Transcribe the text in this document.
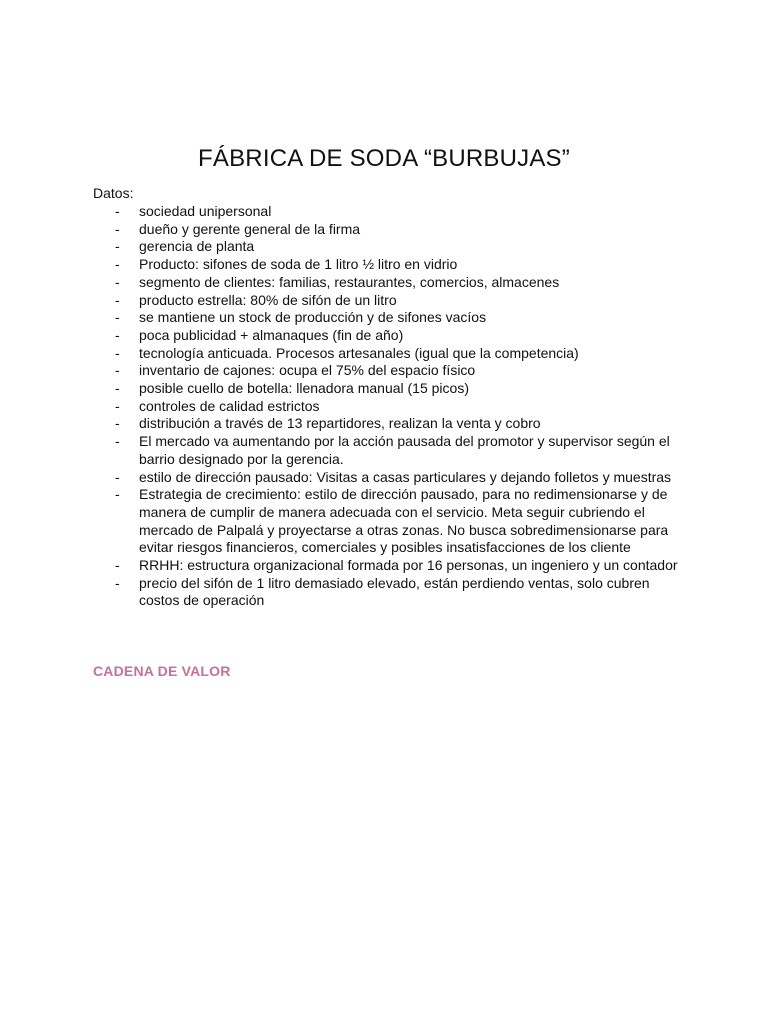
FÁBRICA DE SODA “BURBUJAS”

Datos:

- sociedad unipersonal
- dueño y gerente general de la firma
- gerencia de planta
- Producto: sifones de soda de 1 litro ½ litro en vidrio
- segmento de clientes: familias, restaurantes, comercios, almacenes
- producto estrella: 80% de sifón de un litro
- se mantiene un stock de producción y de sifones vacíos
- poca publicidad + almanaques (fin de año)
- tecnología anticuada. Procesos artesanales (igual que la competencia)
- inventario de cajones: ocupa el 75% del espacio físico
- posible cuello de botella: llenadora manual (15 picos)
- controles de calidad estrictos
- distribución a través de 13 repartidores, realizan la venta y cobro
- El mercado va aumentando por la acción pausada del promotor y supervisor según el barrio designado por la gerencia.
- estilo de dirección pausado: Visitas a casas particulares y dejando folletos y muestras
- Estrategia de crecimiento: estilo de dirección pausado, para no redimensionarse y de manera de cumplir de manera adecuada con el servicio. Meta seguir cubriendo el mercado de Palpalá y proyectarse a otras zonas. No busca sobredimensionarse para evitar riesgos financieros, comerciales y posibles insatisfacciones de los cliente
- RRHH: estructura organizacional formada por 16 personas, un ingeniero y un contador
- precio del sifón de 1 litro demasiado elevado, están perdiendo ventas, solo cubren costos de operación
CADENA DE VALOR
